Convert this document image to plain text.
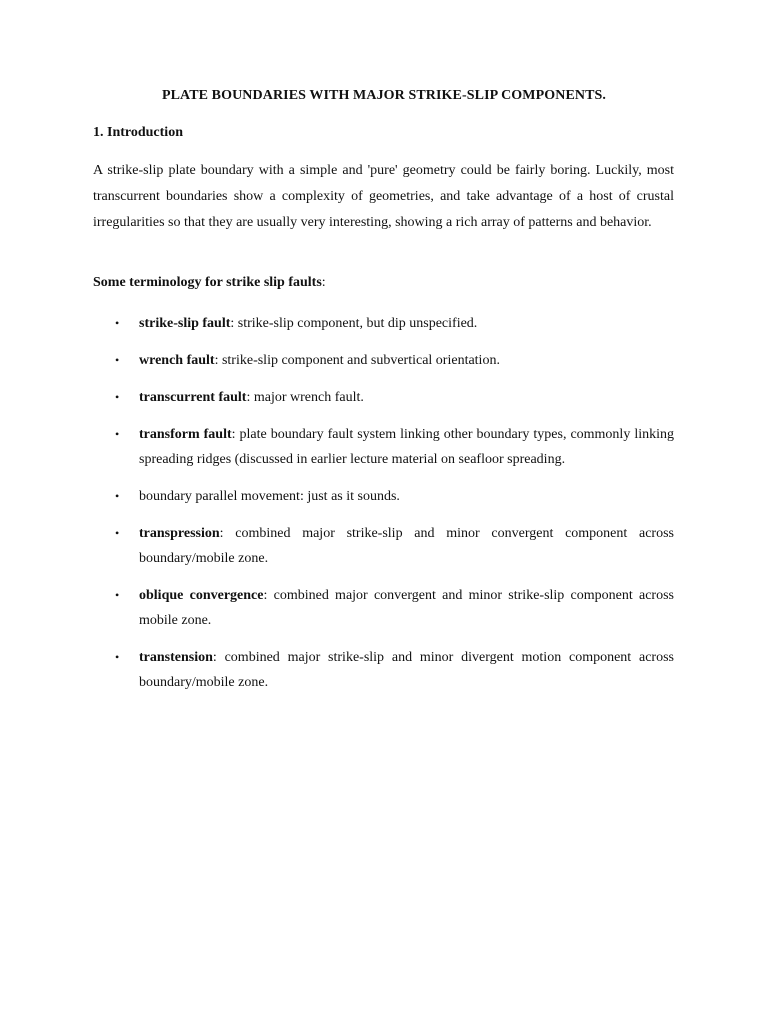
PLATE BOUNDARIES WITH MAJOR STRIKE-SLIP COMPONENTS.
1. Introduction
A strike-slip plate boundary with a simple and 'pure' geometry could be fairly boring. Luckily, most transcurrent boundaries show a complexity of geometries, and take advantage of a host of crustal irregularities so that they are usually very interesting, showing a rich array of patterns and behavior.
Some terminology for strike slip faults:
• strike-slip fault: strike-slip component, but dip unspecified.
• wrench fault: strike-slip component and subvertical orientation.
• transcurrent fault: major wrench fault.
• transform fault: plate boundary fault system linking other boundary types, commonly linking spreading ridges (discussed in earlier lecture material on seafloor spreading.
• boundary parallel movement: just as it sounds.
• transpression: combined major strike-slip and minor convergent component across boundary/mobile zone.
• oblique convergence: combined major convergent and minor strike-slip component across mobile zone.
• transtension: combined major strike-slip and minor divergent motion component across boundary/mobile zone.
